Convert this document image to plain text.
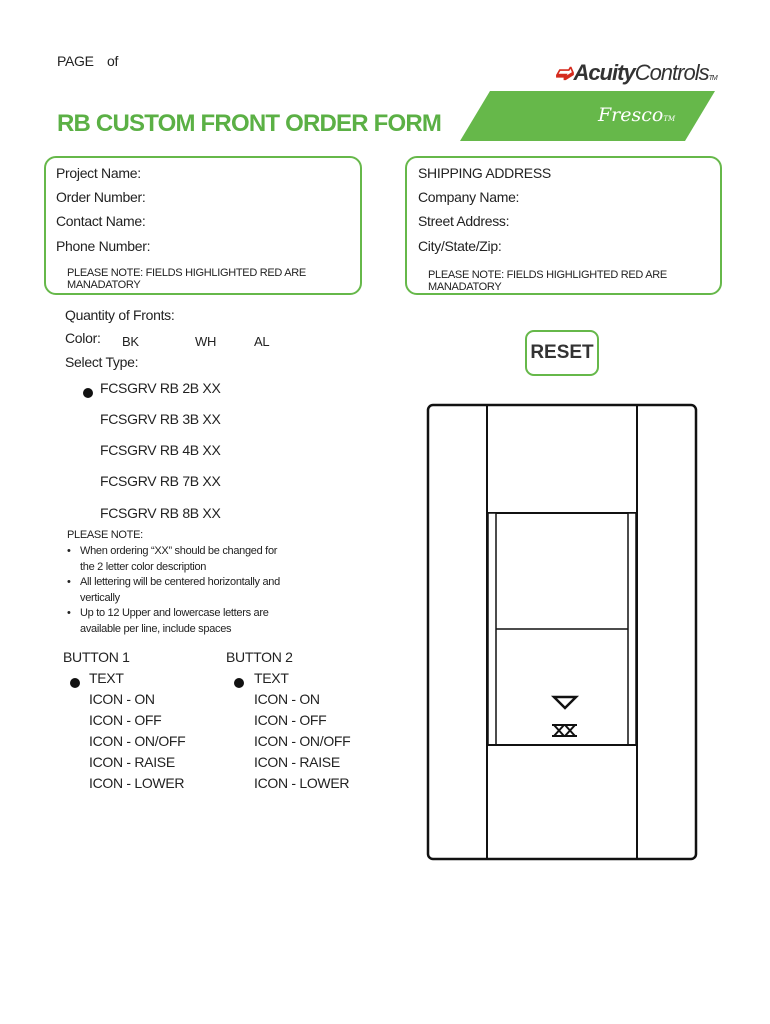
PAGE of	➫AcuityControlsTM
FrescoTM
RB CUSTOM FRONT ORDER FORM
Project Name:
Order Number:
Contact Name:
Phone Number:
PLEASE NOTE: FIELDS HIGHLIGHTED RED ARE MANADATORY
SHIPPING ADDRESS
Company Name:
Street Address:
City/State/Zip:
PLEASE NOTE: FIELDS HIGHLIGHTED RED ARE MANADATORY
Quantity of Fronts:
Color: BK	WH	AL
Select Type:
FCSGRV RB 2B XX
FCSGRV RB 3B XX
FCSGRV RB 4B XX
FCSGRV RB 7B XX
FCSGRV RB 8B XX
RESET
PLEASE NOTE:
• When ordering “XX” should be changed for the 2 letter color description
• All lettering will be centered horizontally and vertically
• Up to 12 Upper and lowercase letters are available per line, include spaces
BUTTON 1
TEXT
ICON - ON
ICON - OFF
ICON - ON/OFF
ICON - RAISE
ICON - LOWER
BUTTON 2
TEXT
ICON - ON
ICON - OFF
ICON - ON/OFF
ICON - RAISE
ICON - LOWER
